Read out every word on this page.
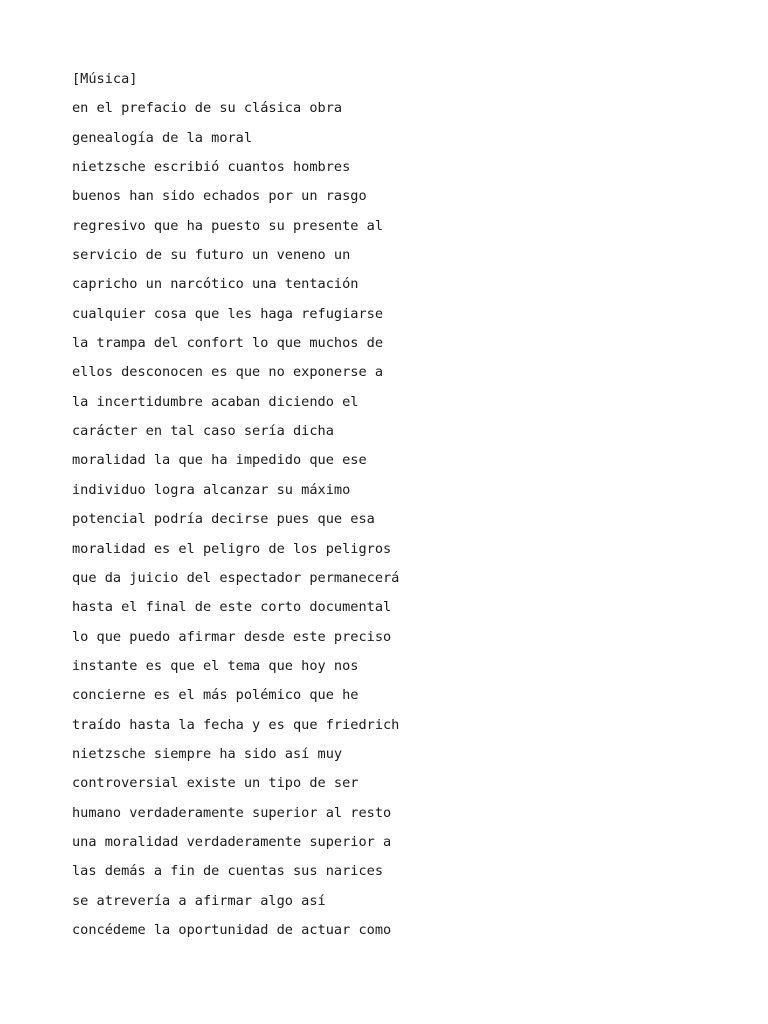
[Música]
en el prefacio de su clásica obra
genealogía de la moral
nietzsche escribió cuantos hombres
buenos han sido echados por un rasgo
regresivo que ha puesto su presente al
servicio de su futuro un veneno un
capricho un narcótico una tentación
cualquier cosa que les haga refugiarse
la trampa del confort lo que muchos de
ellos desconocen es que no exponerse a
la incertidumbre acaban diciendo el
carácter en tal caso sería dicha
moralidad la que ha impedido que ese
individuo logra alcanzar su máximo
potencial podría decirse pues que esa
moralidad es el peligro de los peligros
que da juicio del espectador permanecerá
hasta el final de este corto documental
lo que puedo afirmar desde este preciso
instante es que el tema que hoy nos
concierne es el más polémico que he
traído hasta la fecha y es que friedrich
nietzsche siempre ha sido así muy
controversial existe un tipo de ser
humano verdaderamente superior al resto
una moralidad verdaderamente superior a
las demás a fin de cuentas sus narices
se atrevería a afirmar algo así
concédeme la oportunidad de actuar como
